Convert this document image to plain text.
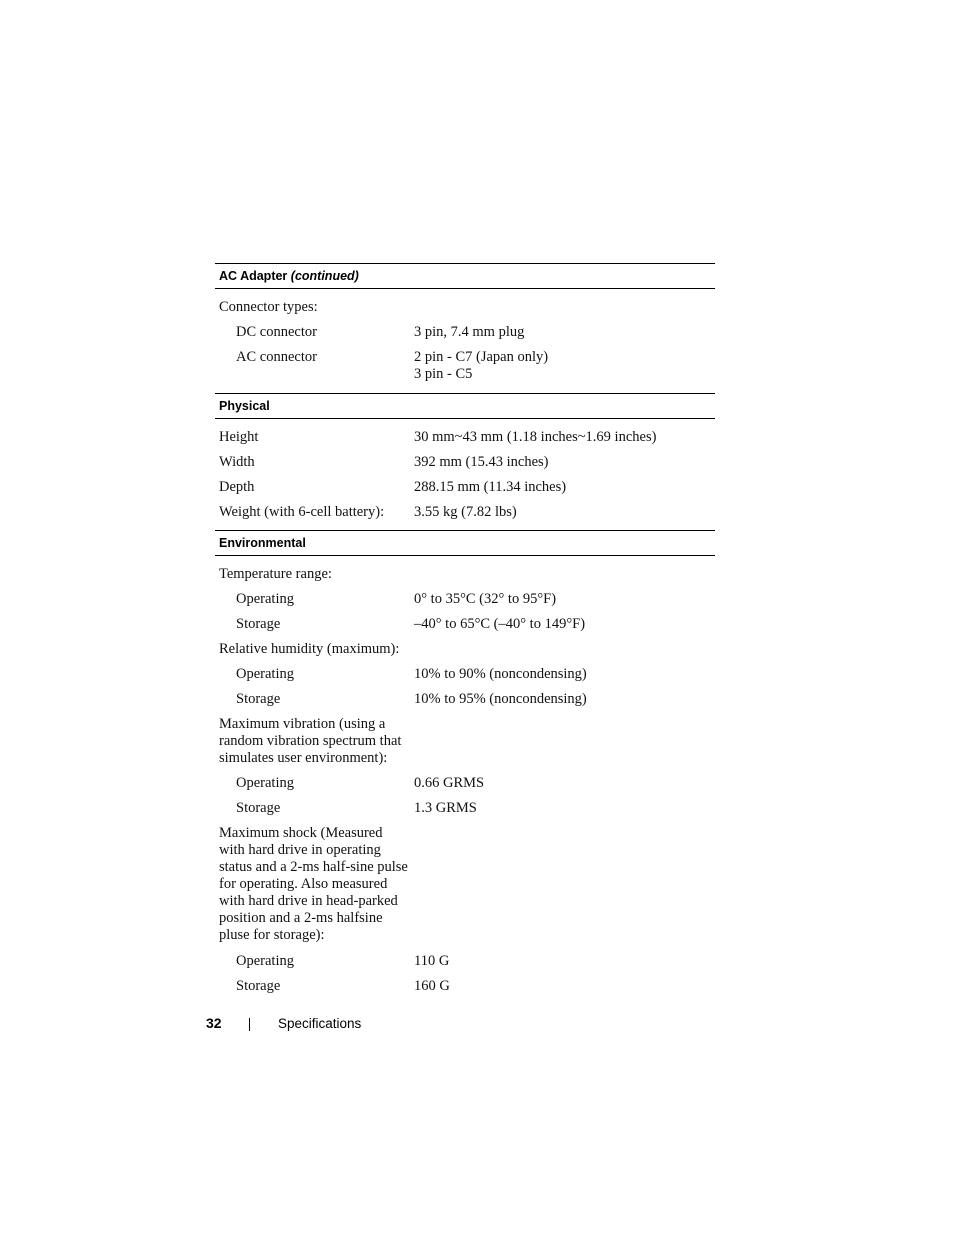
AC Adapter (continued)
Connector types:
DC connector	3 pin, 7.4 mm plug
AC connector	2 pin - C7 (Japan only)
3 pin - C5
Physical
Height	30 mm~43 mm (1.18 inches~1.69 inches)
Width	392 mm (15.43 inches)
Depth	288.15 mm (11.34 inches)
Weight (with 6-cell battery):	3.55 kg (7.82 lbs)
Environmental
Temperature range:
Operating	0° to 35°C (32° to 95°F)
Storage	–40° to 65°C (–40° to 149°F)
Relative humidity (maximum):
Operating	10% to 90% (noncondensing)
Storage	10% to 95% (noncondensing)
Maximum vibration (using a
random vibration spectrum that
simulates user environment):
Operating	0.66 GRMS
Storage	1.3 GRMS
Maximum shock (Measured
with hard drive in operating
status and a 2-ms half-sine pulse
for operating. Also measured
with hard drive in head-parked
position and a 2-ms halfsine
pluse for storage):
Operating	110 G
Storage	160 G
32	Specifications
